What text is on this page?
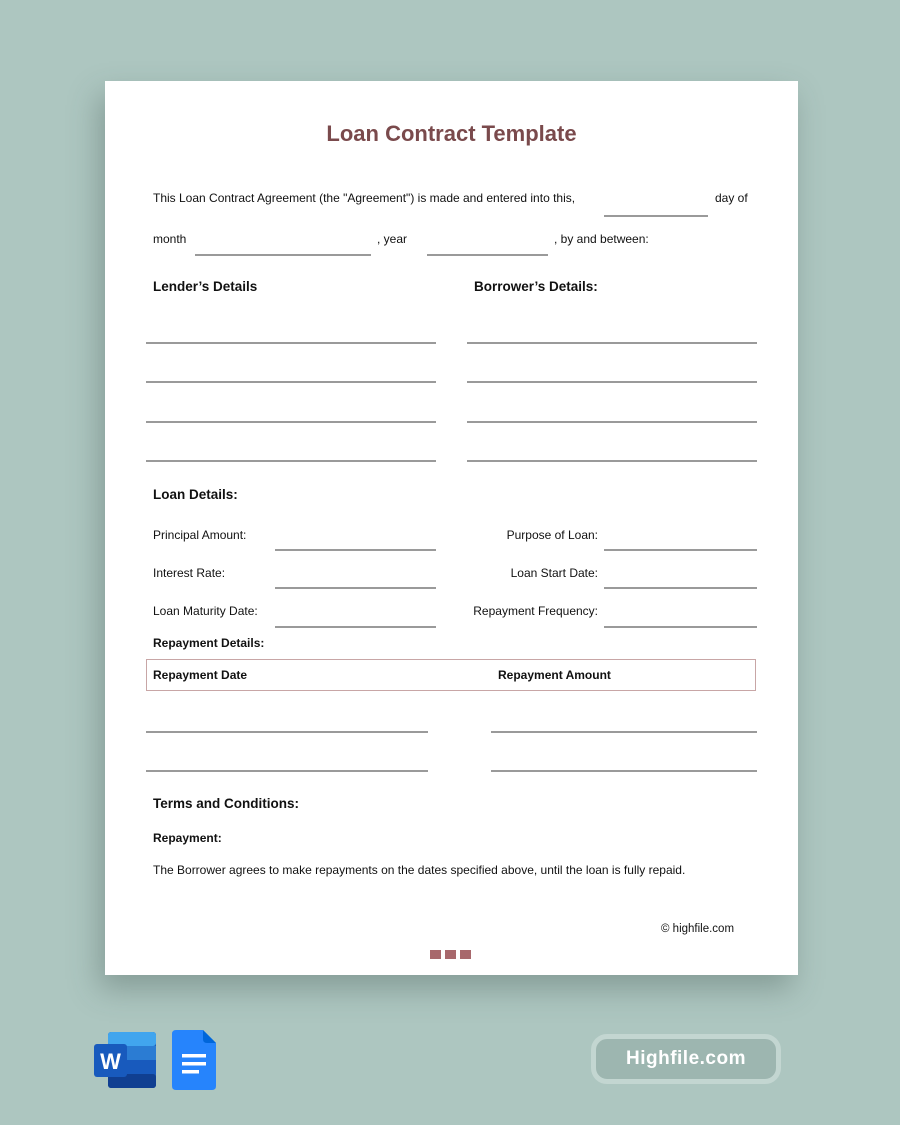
Loan Contract Template
This Loan Contract Agreement (the "Agreement") is made and entered into this,	day of
month	, year	, by and between:
Lender’s Details	Borrower’s Details:
Loan Details:
Principal Amount:	Purpose of Loan:
Interest Rate:	Loan Start Date:
Loan Maturity Date:	Repayment Frequency:
Repayment Details:
Repayment Date	Repayment Amount
Terms and Conditions:
Repayment:
The Borrower agrees to make repayments on the dates specified above, until the loan is fully repaid.
© highfile.com
W	Highfile.com
